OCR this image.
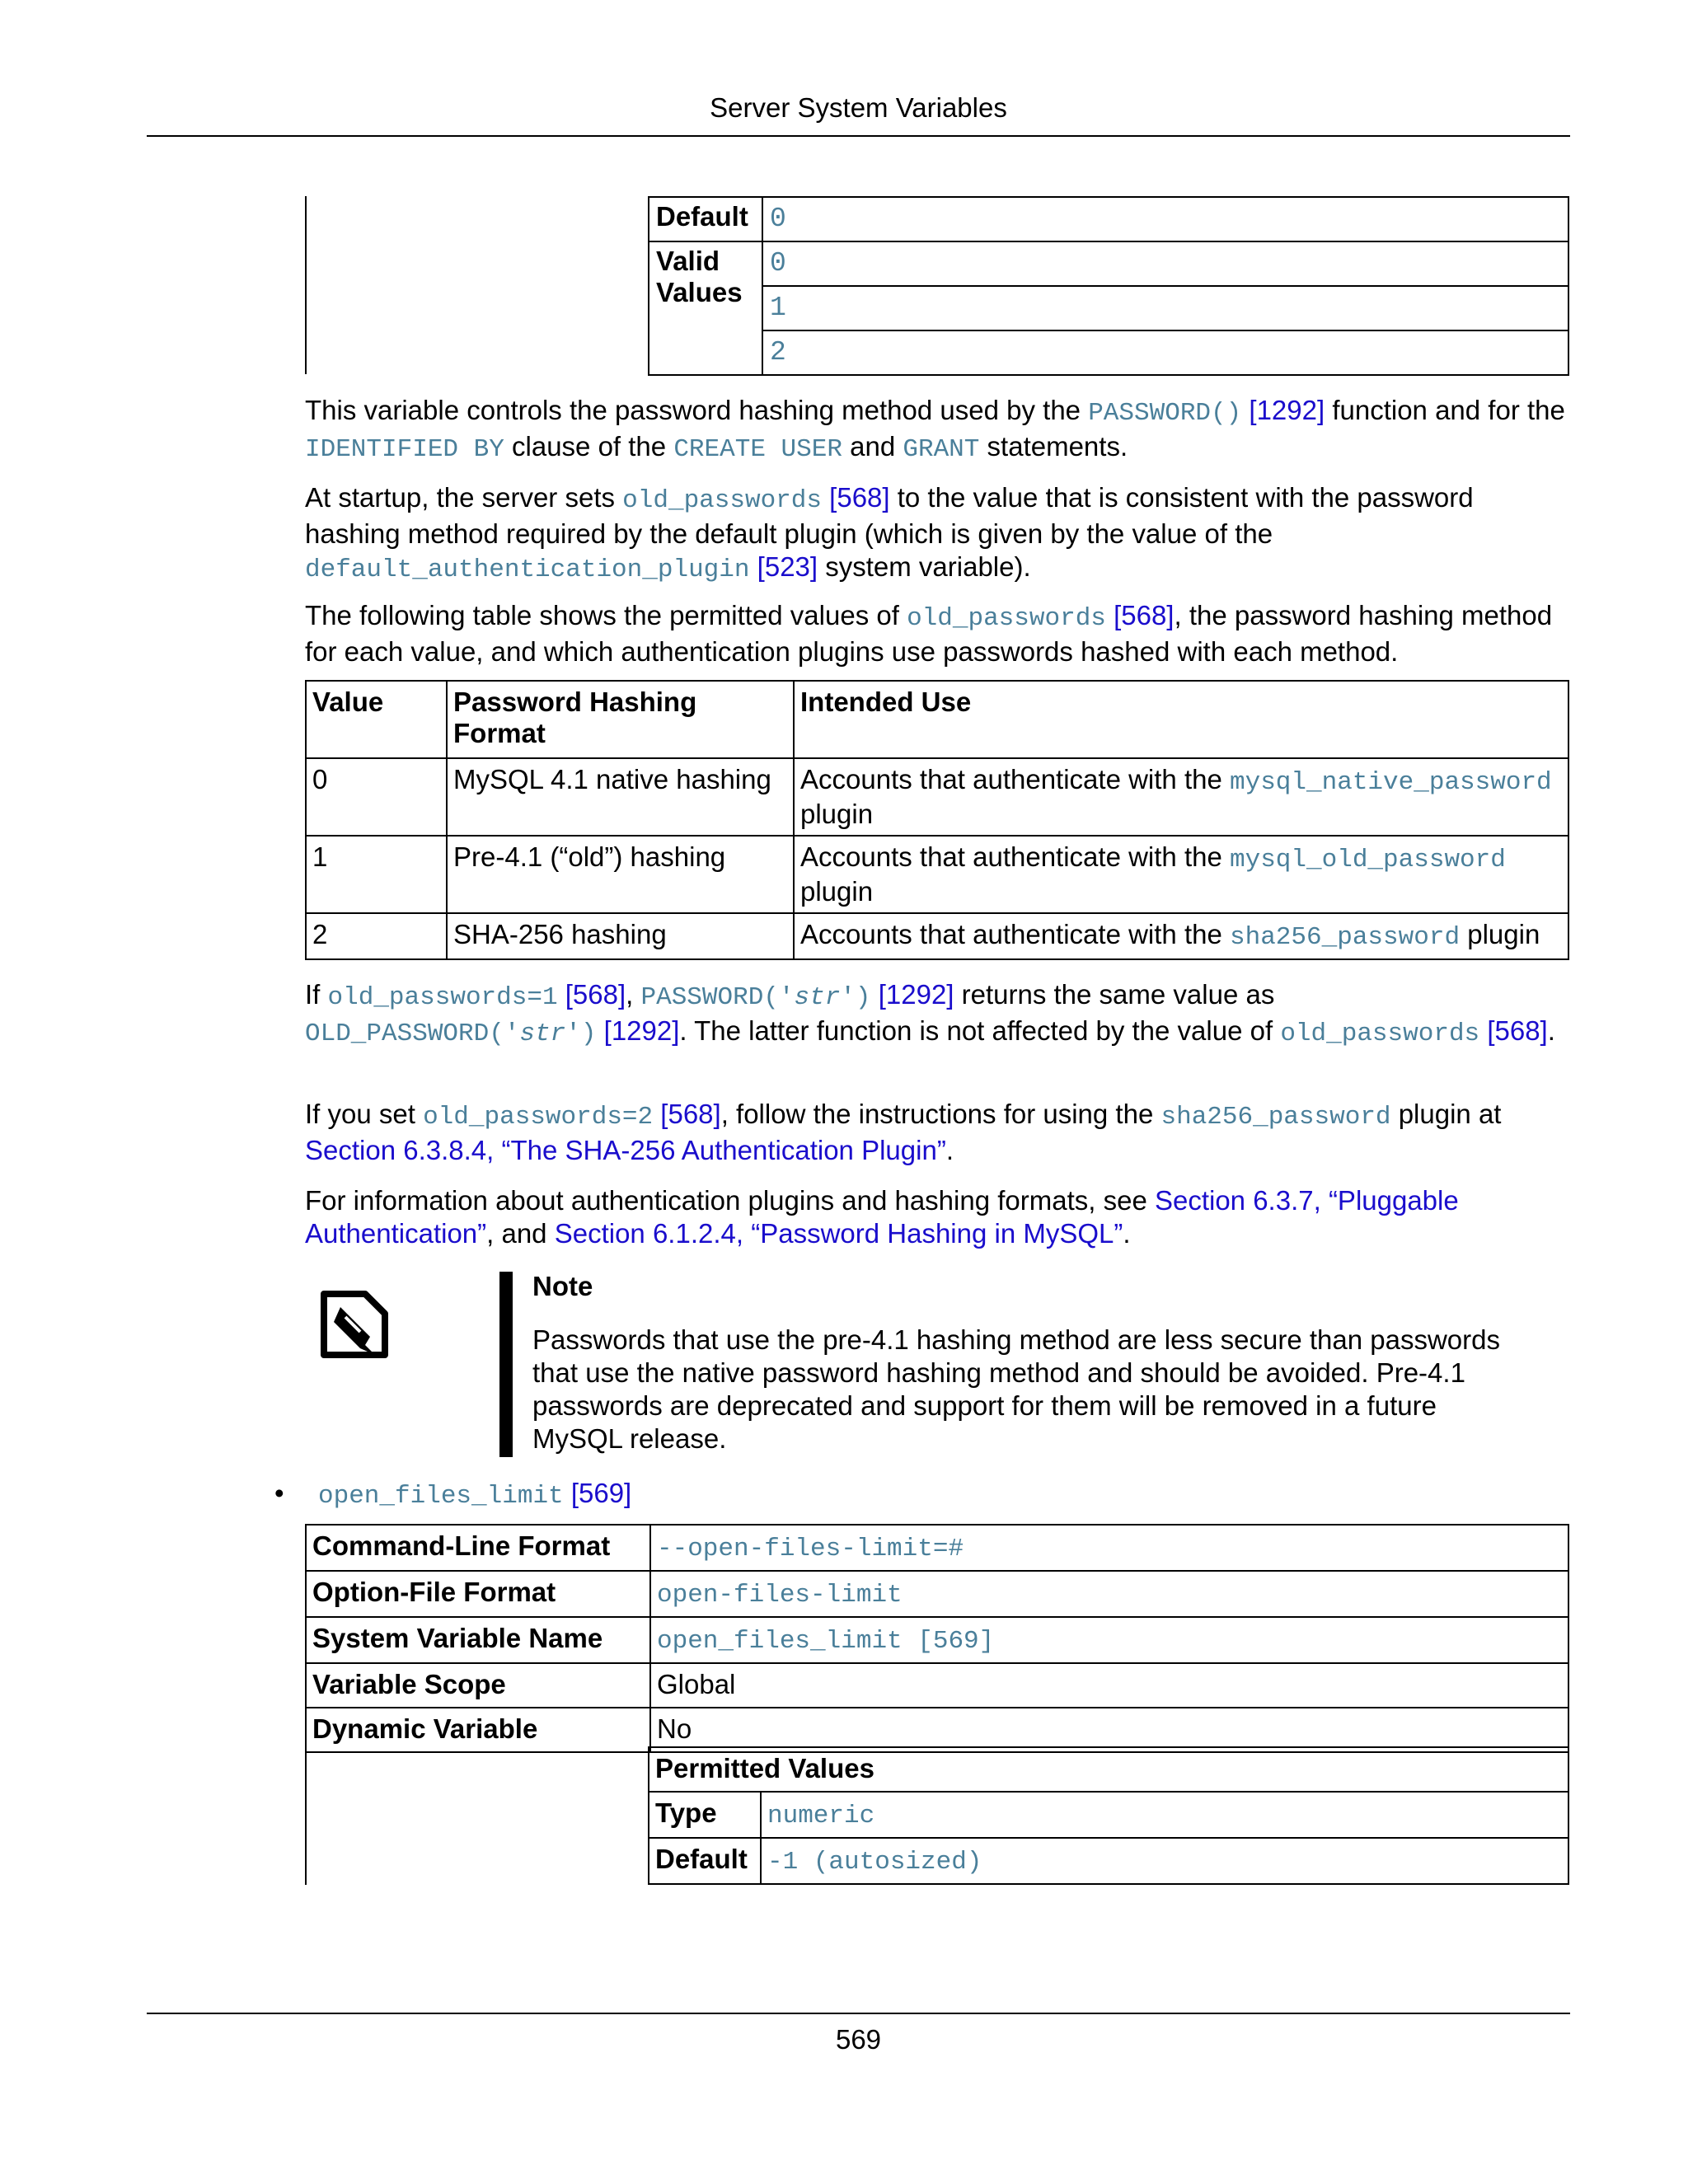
Server System Variables
Default	0
Valid Values	0
	1
	2
This variable controls the password hashing method used by the PASSWORD() [1292] function and for the IDENTIFIED BY clause of the CREATE USER and GRANT statements.
At startup, the server sets old_passwords [568] to the value that is consistent with the password hashing method required by the default plugin (which is given by the value of the default_authentication_plugin [523] system variable).
The following table shows the permitted values of old_passwords [568], the password hashing method for each value, and which authentication plugins use passwords hashed with each method.
Value	Password Hashing Format	Intended Use
0	MySQL 4.1 native hashing	Accounts that authenticate with the mysql_native_password plugin
1	Pre-4.1 (“old”) hashing	Accounts that authenticate with the mysql_old_password plugin
2	SHA-256 hashing	Accounts that authenticate with the sha256_password plugin
If old_passwords=1 [568], PASSWORD('str') [1292] returns the same value as OLD_PASSWORD('str') [1292]. The latter function is not affected by the value of old_passwords [568].
If you set old_passwords=2 [568], follow the instructions for using the sha256_password plugin at Section 6.3.8.4, “The SHA-256 Authentication Plugin”.
For information about authentication plugins and hashing formats, see Section 6.3.7, “Pluggable Authentication”, and Section 6.1.2.4, “Password Hashing in MySQL”.
Note
Passwords that use the pre-4.1 hashing method are less secure than passwords that use the native password hashing method and should be avoided. Pre-4.1 passwords are deprecated and support for them will be removed in a future MySQL release.
• open_files_limit [569]
Command-Line Format	--open-files-limit=#
Option-File Format	open-files-limit
System Variable Name	open_files_limit [569]
Variable Scope	Global
Dynamic Variable	No
Permitted Values	
Type	numeric
Default	-1 (autosized)
569
